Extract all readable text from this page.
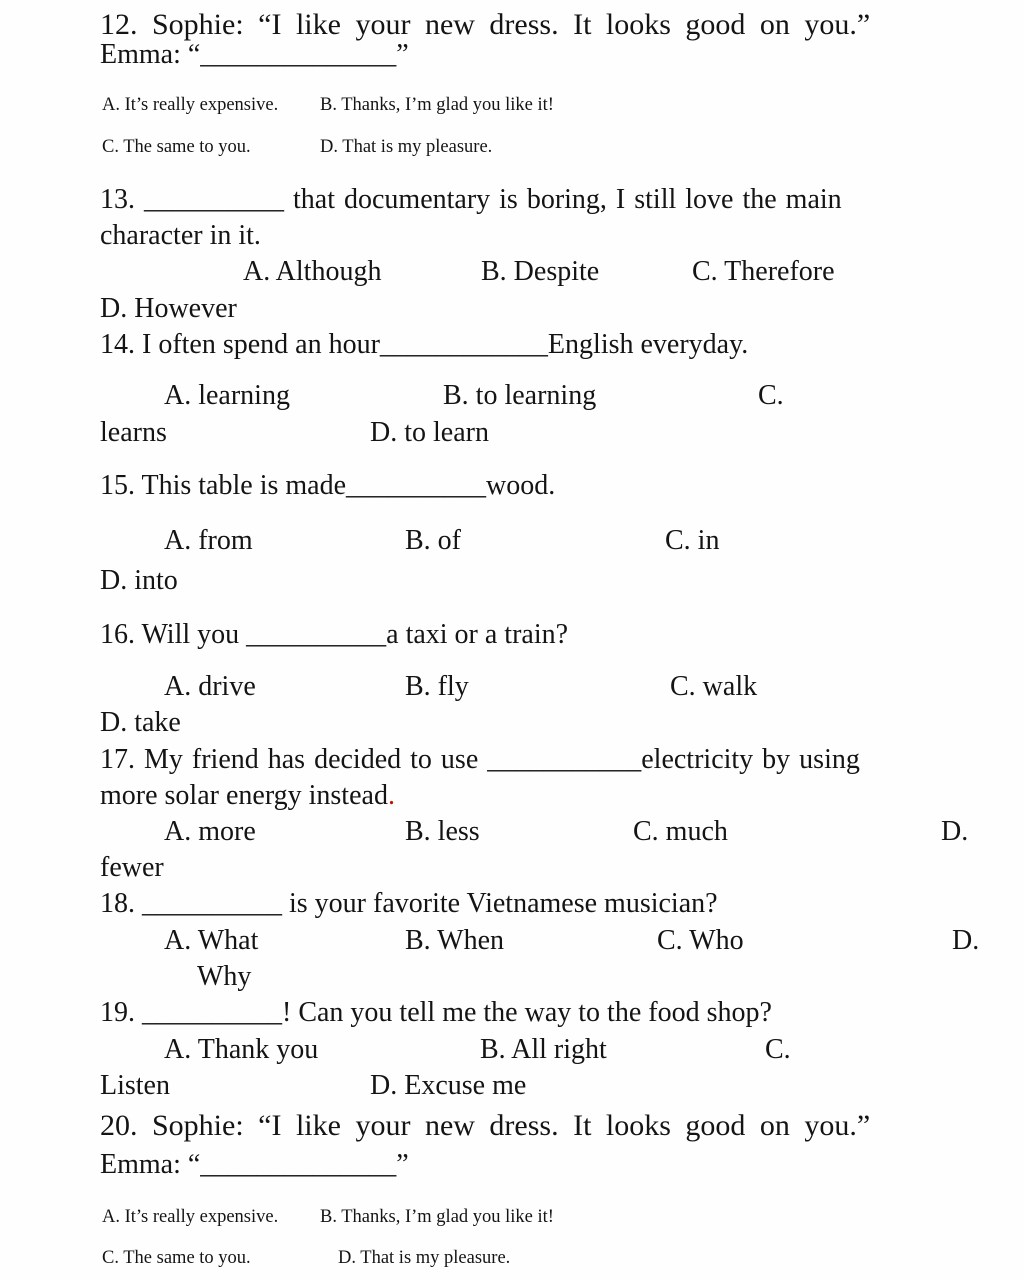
12. Sophie: “I like your new dress. It looks good on you.”
Emma: “______________”
A. It’s really expensive. B. Thanks, I’m glad you like it!
C. The same to you.	D. That is my pleasure.
13. __________ that documentary is boring, I still love the main
character in it.
A. Although	B. Despite	C. Therefore
D. However
14. I often spend an hour____________English everyday.
A. learning	B. to learning	C.
learns	D. to learn
15. This table is made__________wood.
A. from	B. of	C. in
D. into
16. Will you __________a taxi or a train?
A. drive	B. fly	C. walk
D. take
17. My friend has decided to use ___________electricity by using
more solar energy instead.
A. more	B. less	C. much	D.
fewer
18. __________ is your favorite Vietnamese musician?
A. What	B. When	C. Who	D.
Why
19. __________! Can you tell me the way to the food shop?
A. Thank you	B. All right	C.
Listen	D. Excuse me
20. Sophie: “I like your new dress. It looks good on you.”
Emma: “______________”
A. It’s really expensive. B. Thanks, I’m glad you like it!
C. The same to you.	D. That is my pleasure.
